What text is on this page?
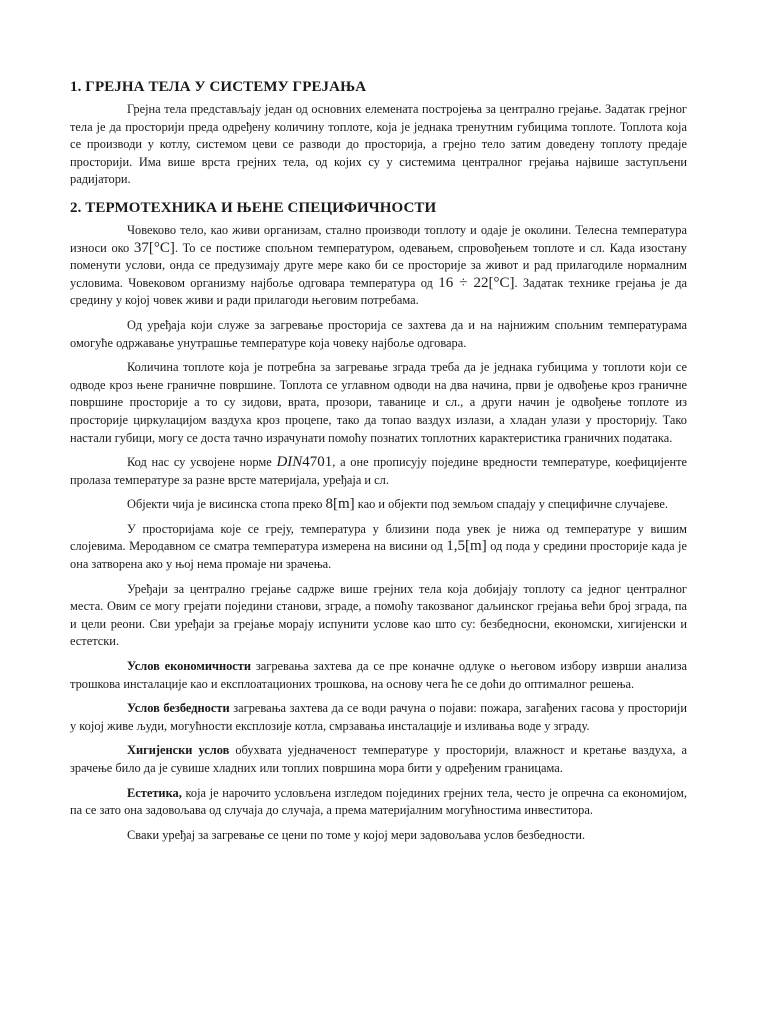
1. ГРЕЈНА ТЕЛА У СИСТЕМУ ГРЕЈАЊА

Грејна тела представљају један од основних елемената постројења за централно грејање. Задатак грејног тела је да просторији преда одређену количину топлоте, која је једнака тренутним губицима топлоте. Топлота која се производи у котлу, системом цеви се разводи до просторија, а грејно тело затим доведену топлоту предаје просторији. Има више врста грејних тела, од којих су у системима централног грејања највише заступљени радијатори.

2. ТЕРМОТЕХНИКА И ЊЕНЕ СПЕЦИФИЧНОСТИ

Човеково тело, као живи организам, стално производи топлоту и одаје је околини. Телесна температура износи око 37[°C]. То се постиже спољном температуром, одевањем, спровођењем топлоте и сл. Када изостану поменути услови, онда се предузимају друге мере како би се просторије за живот и рад прилагодиле нормалним условима. Човековом организму најбоље одговара температура од 16 ÷ 22[°C]. Задатак технике грејања је да средину у којој човек живи и ради прилагоди његовим потребама.

Од уређаја који служе за загревање просторија се захтева да и на најнижим спољним температурама омогуће одржавање унутрашње температуре која човеку најбоље одговара.

Количина топлоте која је потребна за загревање зграда треба да је једнака губицима у топлоти који се одводе кроз њене граничне површине. Топлота се углавном одводи на два начина, први је одвођење кроз граничне површине просторије а то су зидови, врата, прозори, таванице и сл., а други начин је одвођење топлоте из просторије циркулацијом ваздуха кроз процепе, тако да топао ваздух излази, а хладан улази у просторију. Тако настали губици, могу се доста тачно израчунати помоћу познатих топлотних карактеристика граничних података.

Код нас су усвојене норме DIN4701, а оне прописују поједине вредности температуре, коефицијенте пролаза температуре за разне врсте материјала, уређаја и сл.

Објекти чија је висинска стопа преко 8[m] као и објекти под земљом спадају у специфичне случајеве.

У просторијама које се греју, температура у близини пода увек је нижа од температуре у вишим слојевима. Меродавном се сматра температура измерена на висини од 1,5[m] од пода у средини просторије када је она затворена ако у њој нема промаје ни зрачења.

Уређаји за централно грејање садрже више грејних тела која добијају топлоту са једног централног места. Овим се могу грејати поједини станови, зграде, а помоћу такозваног даљинског грејања већи број зграда, па и цели реони. Сви уређаји за грејање морају испунити услове као што су: безбедносни, економски, хигијенски и естетски.

Услов економичности загревања захтева да се пре коначне одлуке о његовом избору изврши анализа трошкова инсталације као и експлоатационих трошкова, на основу чега ће се доћи до оптималног решења.

Услов безбедности загревања захтева да се води рачуна о појави: пожара, загађених гасова у просторији у којој живе људи, могућности експлозије котла, смрзавања инсталације и изливања воде у зграду.

Хигијенски услов обухвата уједначеност температуре у просторији, влажност и кретање ваздуха, а зрачење било да је сувише хладних или топлих површина мора бити у одређеним границама.

Естетика, која је нарочито условљена изгледом појединих грејних тела, често је опречна са економијом, па се зато она задовољава од случаја до случаја, а према материјалним могућностима инвеститора.

Сваки уређај за загревање се цени по томе у којој мери задовољава услов безбедности.
